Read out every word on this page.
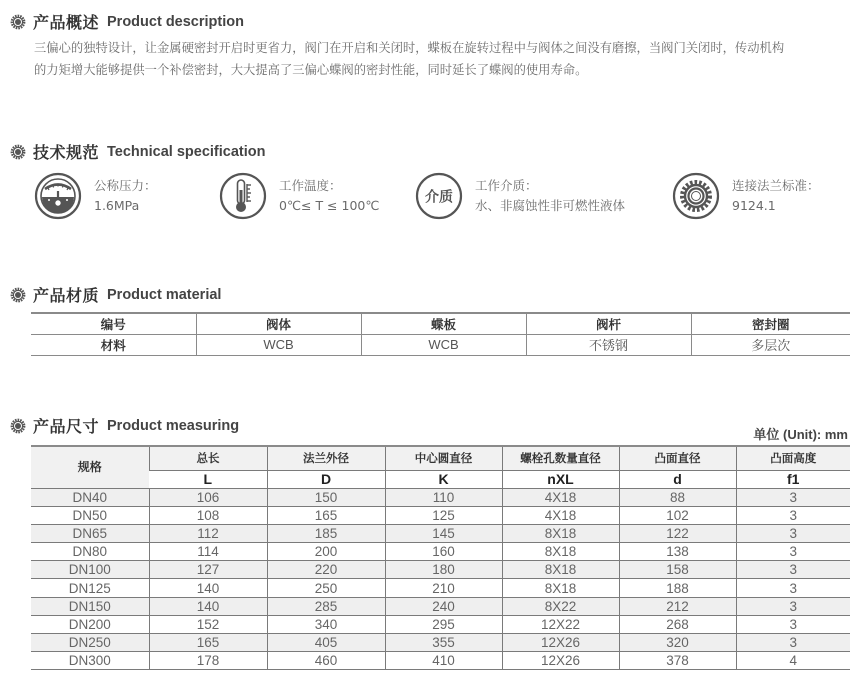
产品概述 Product description
三偏心的独特设计，让金属硬密封开启时更省力，阀门在开启和关闭时，蝶板在旋转过程中与阀体之间没有磨擦，当阀门关闭时，传动机构
的力矩增大能够提供一个补偿密封，大大提高了三偏心蝶阀的密封性能，同时延长了蝶阀的使用寿命。
技术规范 Technical specification
公称压力：
1.6MPa
工作温度：
0℃≤ T ≤ 100℃	介质
工作介质：
水、非腐蚀性非可燃性液体
连接法兰标准：
9124.1
产品材质 Product material
编号	阀体	蝶板	阀杆	密封圈
材料	WCB	WCB	不锈钢	多层次
产品尺寸 Product measuring
单位 (Unit): mm
规格	总长	法兰外径	中心圆直径	螺栓孔数量直径	凸面直径	凸面高度
	L	D	K	nXL	d	f1
DN40	106	150	110	4X18	88	3
DN50	108	165	125	4X18	102	3
DN65	112	185	145	8X18	122	3
DN80	114	200	160	8X18	138	3
DN100	127	220	180	8X18	158	3
DN125	140	250	210	8X18	188	3
DN150	140	285	240	8X22	212	3
DN200	152	340	295	12X22	268	3
DN250	165	405	355	12X26	320	3
DN300	178	460	410	12X26	378	4
